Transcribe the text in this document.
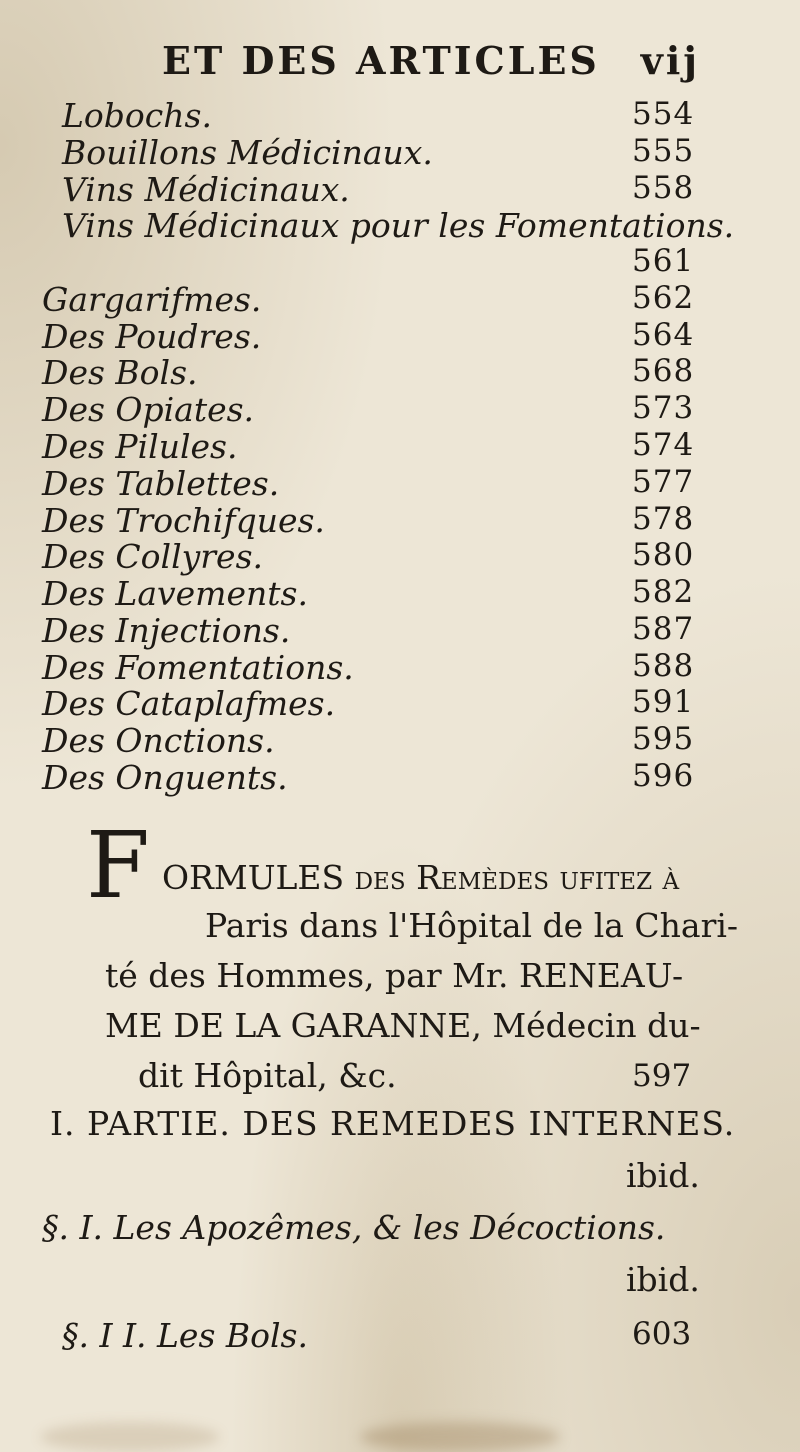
ET DES ARTICLES vij
Lobochs.	554
Bouillons Médicinaux.	555
Vins Médicinaux.	558
Vins Médicinaux pour les Fomentations.
561
Gargarifmes.	562
Des Poudres.	564
Des Bols.	568
Des Opiates.	573
Des Pilules.	574
Des Tablettes.	577
Des Trochifques.	578
Des Collyres.	580
Des Lavements.	582
Des Injections.	587
Des Fomentations.	588
Des Cataplafmes.	591
Des Onctions.	595
Des Onguents.	596
F ORMULES des Remèdes ufitez à
Paris dans l'Hôpital de la Chari-
té des Hommes, par Mr. RENEAU-
ME DE LA GARANNE, Médecin du-
dit Hôpital, &c.	597
I. PARTIE. DES REMEDES INTERNES.
ibid.
§. I. Les Apozêmes, & les Décoctions.
ibid.
§. I I. Les Bols.	603
